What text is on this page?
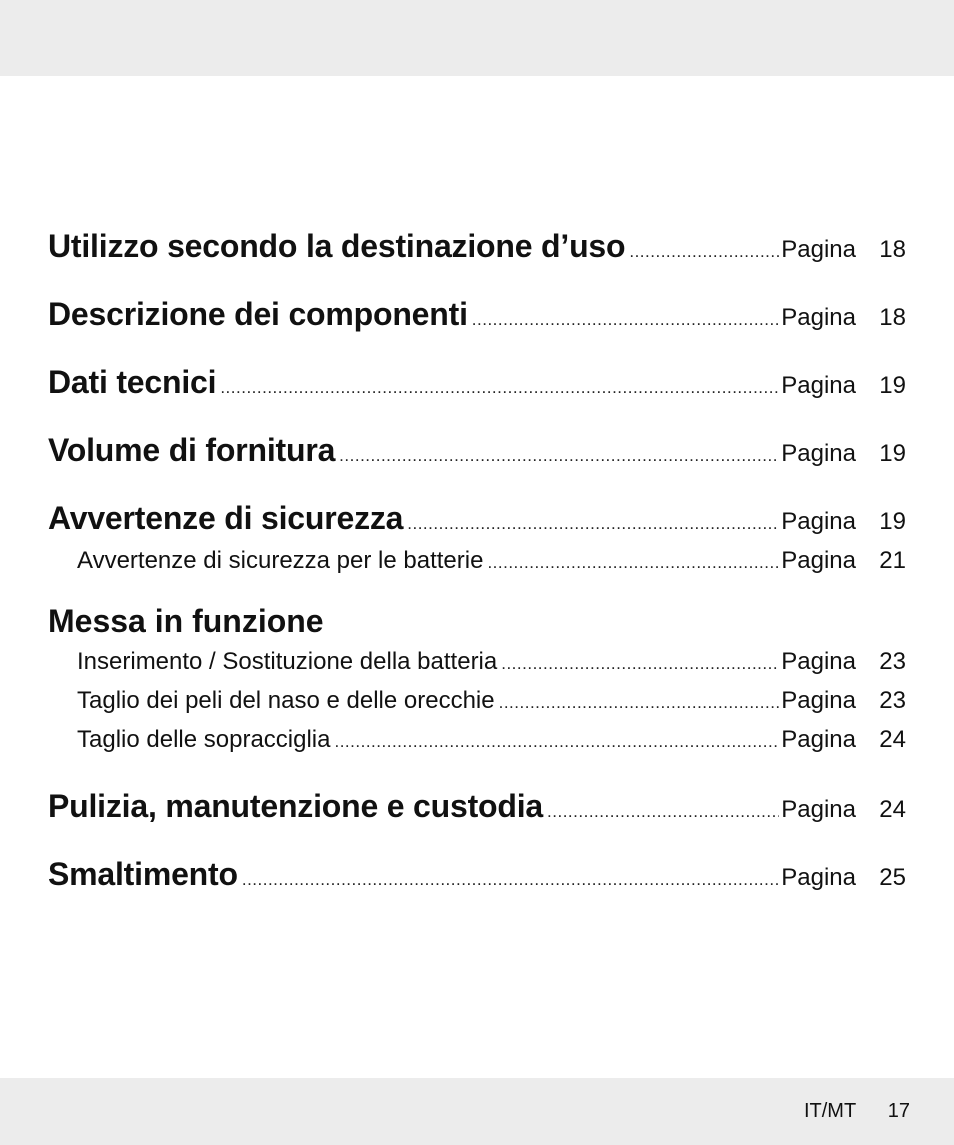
Utilizzo secondo la destinazione d’uso .....	Pagina 18
Descrizione dei componenti .....	Pagina 18
Dati tecnici .....	Pagina 19
Volume di fornitura .....	Pagina 19
Avvertenze di sicurezza .....	Pagina 19
Avvertenze di sicurezza per le batterie .....	Pagina 21
Messa in funzione
Inserimento / Sostituzione della batteria .....	Pagina 23
Taglio dei peli del naso e delle orecchie .....	Pagina 23
Taglio delle sopracciglia .....	Pagina 24
Pulizia, manutenzione e custodia .....	Pagina 24
Smaltimento .....	Pagina 25
IT/MT 17
